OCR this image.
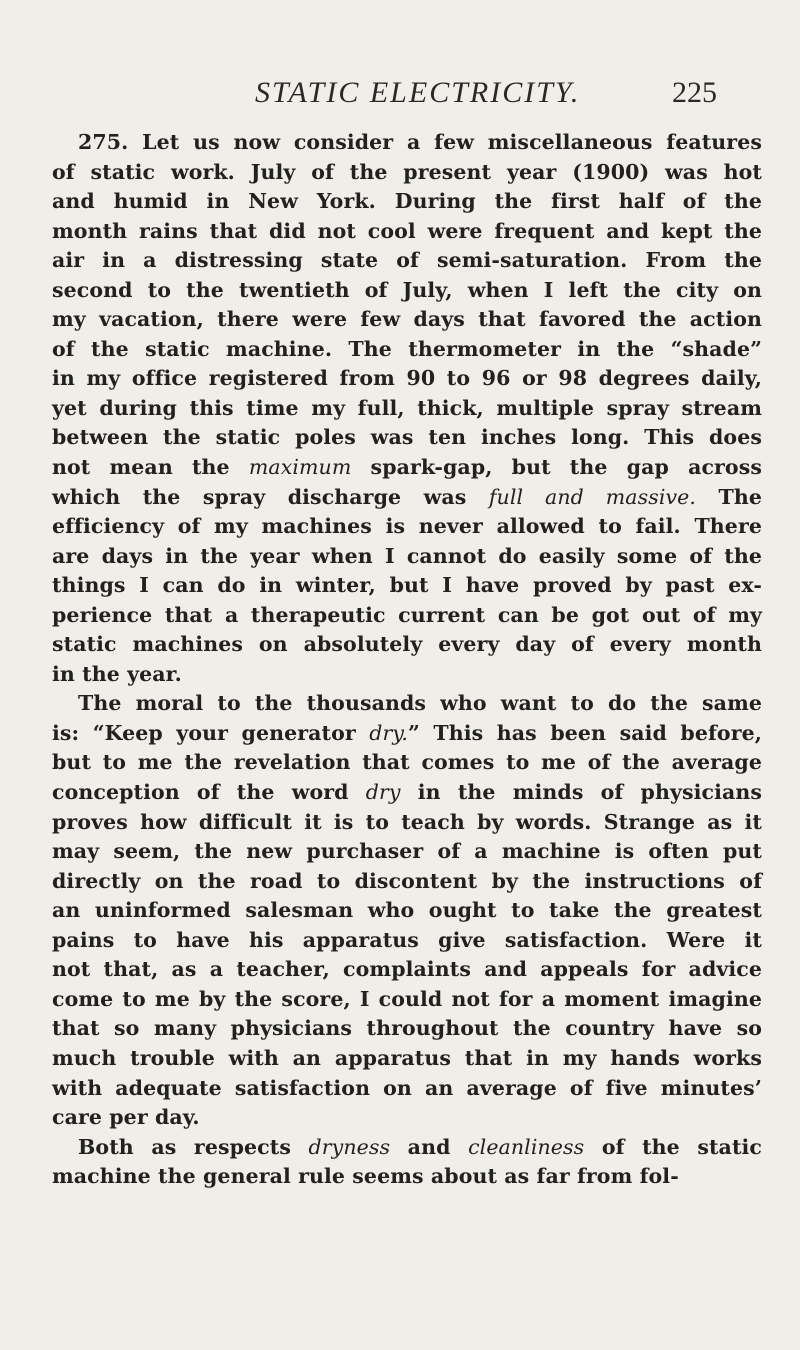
STATIC ELECTRICITY.	225
275. Let us now consider a few miscellaneous features
of static work. July of the present year (1900) was hot
and humid in New York. During the first half of the
month rains that did not cool were frequent and kept the
air in a distressing state of semi-saturation. From the
second to the twentieth of July, when I left the city on
my vacation, there were few days that favored the action
of the static machine. The thermometer in the “shade”
in my office registered from 90 to 96 or 98 degrees daily,
yet during this time my full, thick, multiple spray stream
between the static poles was ten inches long. This does
not mean the maximum spark-gap, but the gap across
which the spray discharge was full and massive. The
efficiency of my machines is never allowed to fail. There
are days in the year when I cannot do easily some of the
things I can do in winter, but I have proved by past ex-
perience that a therapeutic current can be got out of my
static machines on absolutely every day of every month
in the year.
The moral to the thousands who want to do the same
is: “Keep your generator dry.” This has been said before,
but to me the revelation that comes to me of the average
conception of the word dry in the minds of physicians
proves how difficult it is to teach by words. Strange as it
may seem, the new purchaser of a machine is often put
directly on the road to discontent by the instructions of
an uninformed salesman who ought to take the greatest
pains to have his apparatus give satisfaction. Were it
not that, as a teacher, complaints and appeals for advice
come to me by the score, I could not for a moment imagine
that so many physicians throughout the country have so
much trouble with an apparatus that in my hands works
with adequate satisfaction on an average of five minutes’
care per day.
Both as respects dryness and cleanliness of the static
machine the general rule seems about as far from fol-
